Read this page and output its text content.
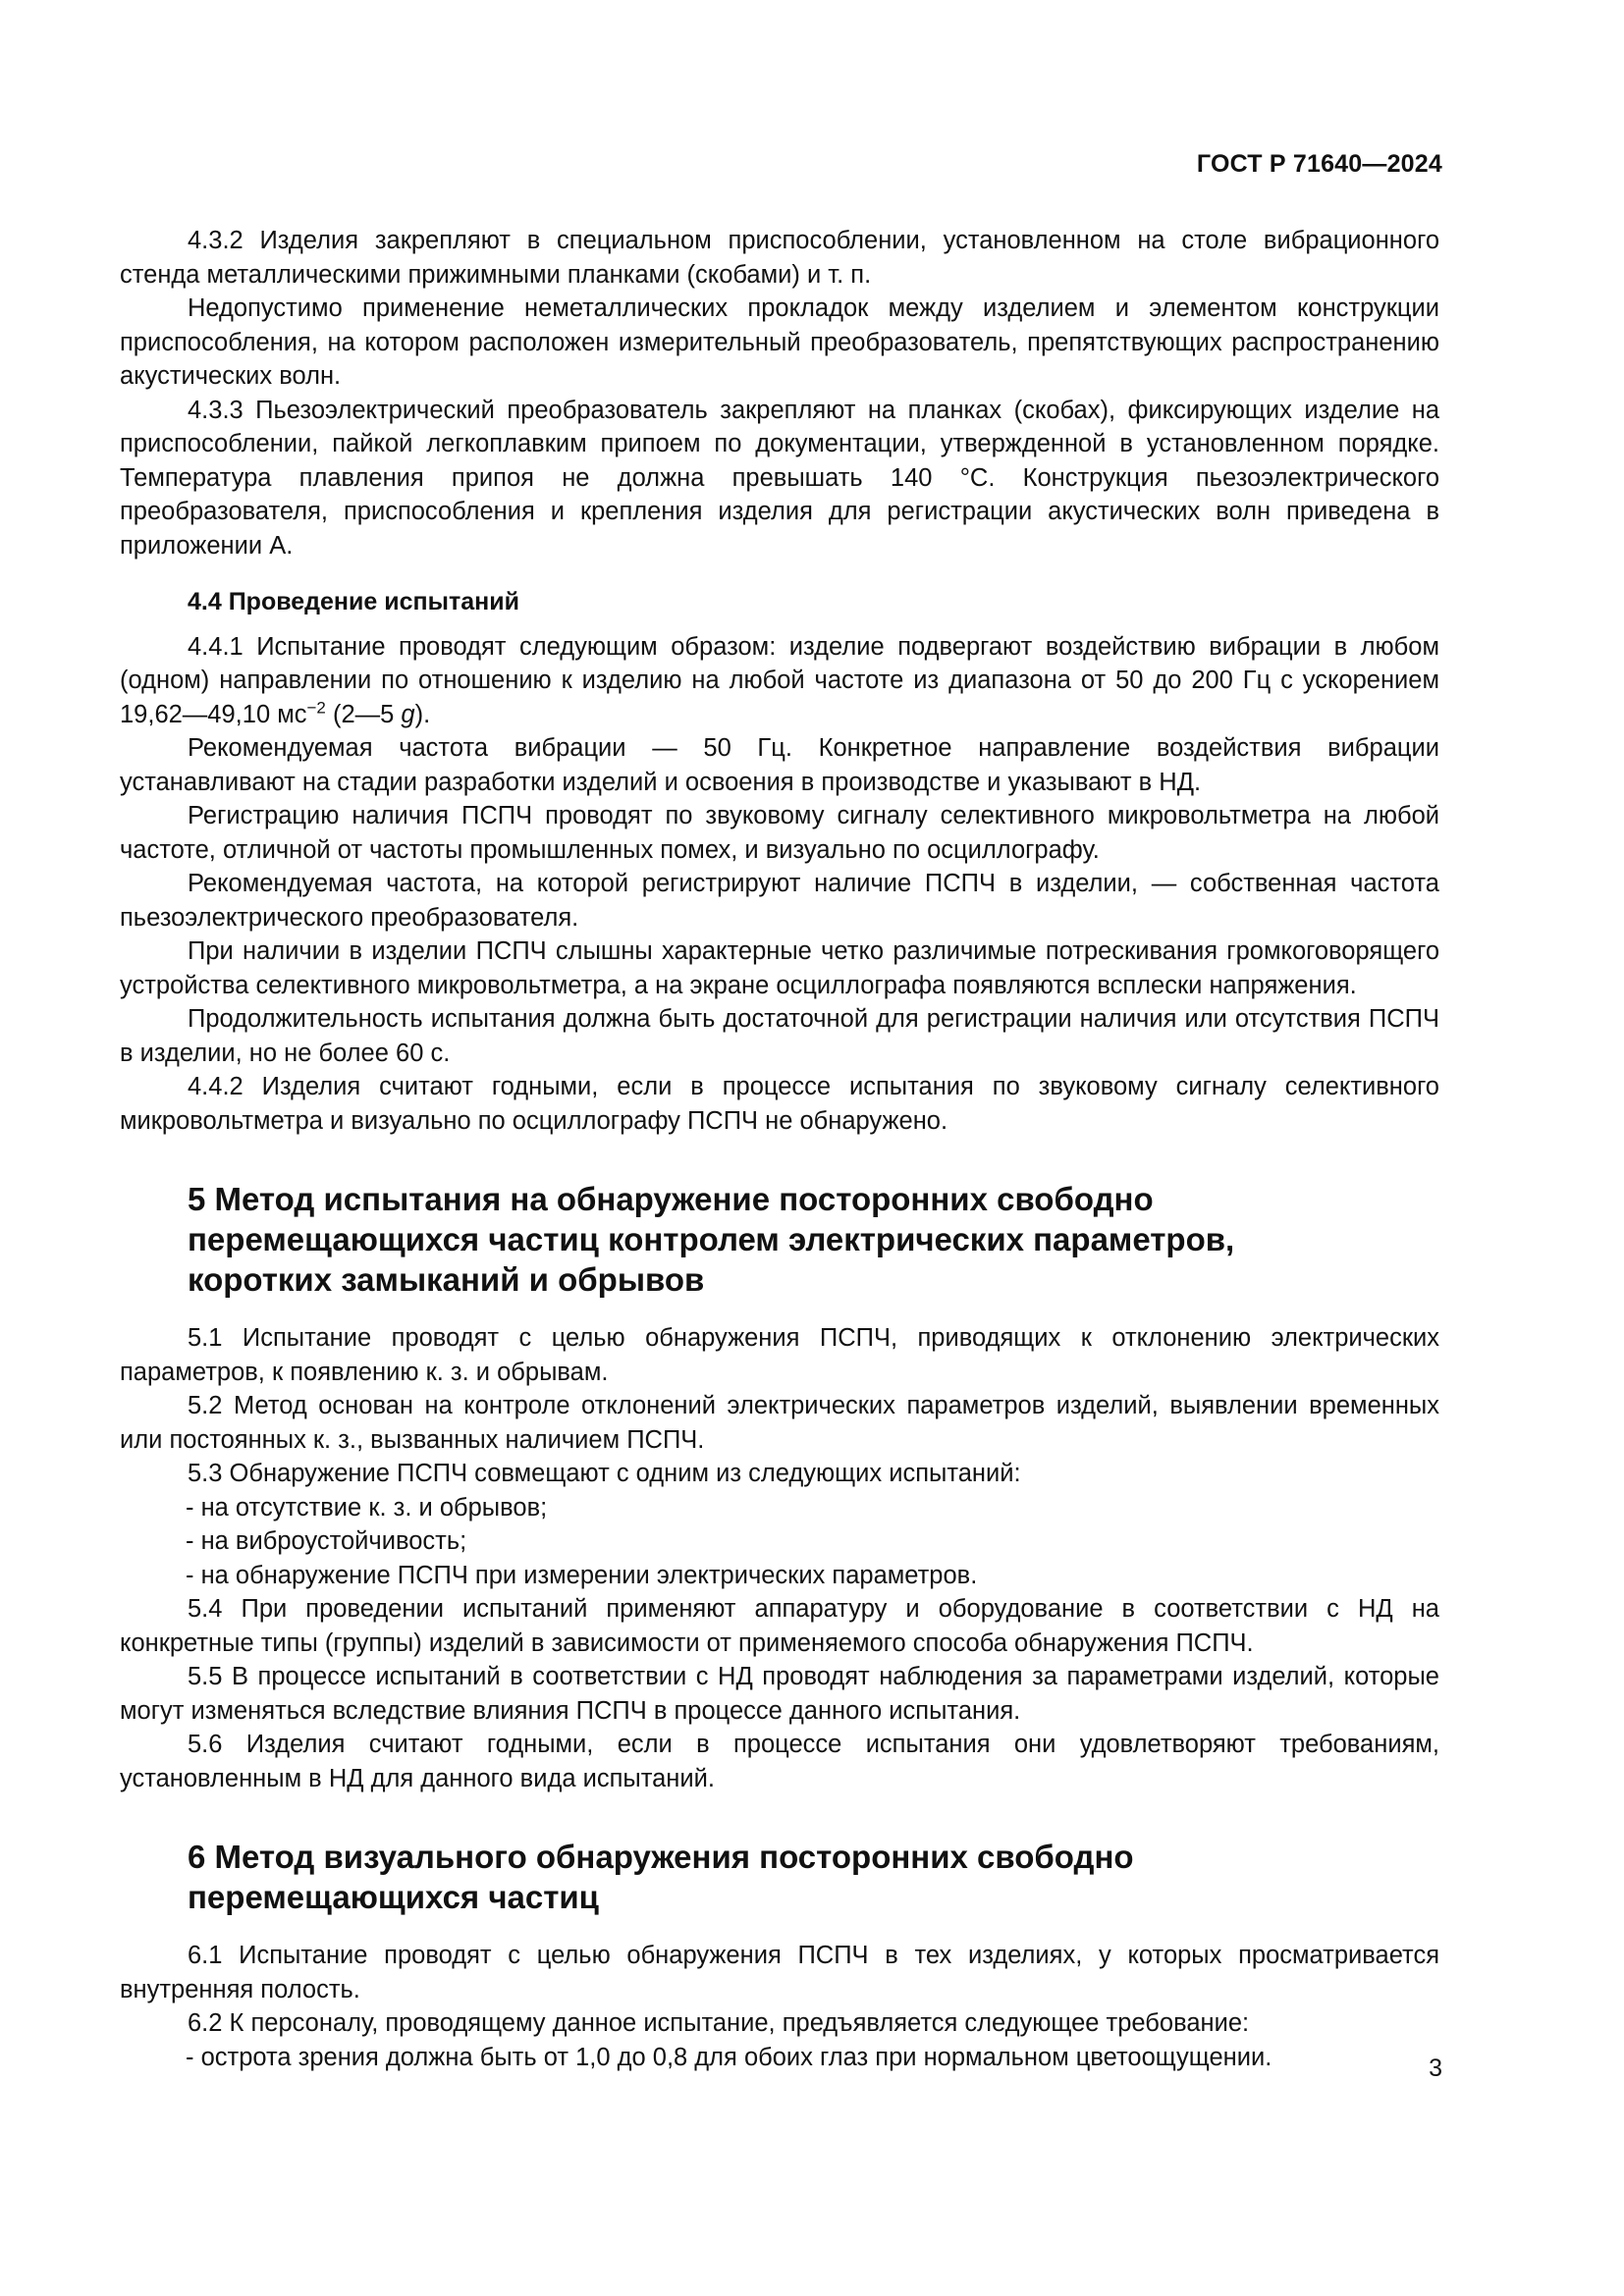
ГОСТ Р 71640—2024

4.3.2 Изделия закрепляют в специальном приспособлении, установленном на столе вибрационного стенда металлическими прижимными планками (скобами) и т. п.

Недопустимо применение неметаллических прокладок между изделием и элементом конструкции приспособления, на котором расположен измерительный преобразователь, препятствующих распространению акустических волн.

4.3.3 Пьезоэлектрический преобразователь закрепляют на планках (скобах), фиксирующих изделие на приспособлении, пайкой легкоплавким припоем по документации, утвержденной в установленном порядке. Температура плавления припоя не должна превышать 140 °С. Конструкция пьезоэлектрического преобразователя, приспособления и крепления изделия для регистрации акустических волн приведена в приложении А.

4.4 Проведение испытаний

4.4.1 Испытание проводят следующим образом: изделие подвергают воздействию вибрации в любом (одном) направлении по отношению к изделию на любой частоте из диапазона от 50 до 200 Гц с ускорением 19,62—49,10 $мс^{-2}$ (2—5 g).

Рекомендуемая частота вибрации — 50 Гц. Конкретное направление воздействия вибрации устанавливают на стадии разработки изделий и освоения в производстве и указывают в НД.

Регистрацию наличия ПСПЧ проводят по звуковому сигналу селективного микровольтметра на любой частоте, отличной от частоты промышленных помех, и визуально по осциллографу.

Рекомендуемая частота, на которой регистрируют наличие ПСПЧ в изделии, — собственная частота пьезоэлектрического преобразователя.

При наличии в изделии ПСПЧ слышны характерные четко различимые потрескивания громкоговорящего устройства селективного микровольтметра, а на экране осциллографа появляются всплески напряжения.

Продолжительность испытания должна быть достаточной для регистрации наличия или отсутствия ПСПЧ в изделии, но не более 60 с.

4.4.2 Изделия считают годными, если в процессе испытания по звуковому сигналу селективного микровольтметра и визуально по осциллографу ПСПЧ не обнаружено.

5 Метод испытания на обнаружение посторонних свободно
перемещающихся частиц контролем электрических параметров,
коротких замыканий и обрывов

5.1 Испытание проводят с целью обнаружения ПСПЧ, приводящих к отклонению электрических параметров, к появлению к. з. и обрывам.

5.2 Метод основан на контроле отклонений электрических параметров изделий, выявлении временных или постоянных к. з., вызванных наличием ПСПЧ.

5.3 Обнаружение ПСПЧ совмещают с одним из следующих испытаний:

- на отсутствие к. з. и обрывов;

- на виброустойчивость;

- на обнаружение ПСПЧ при измерении электрических параметров.

5.4 При проведении испытаний применяют аппаратуру и оборудование в соответствии с НД на конкретные типы (группы) изделий в зависимости от применяемого способа обнаружения ПСПЧ.

5.5 В процессе испытаний в соответствии с НД проводят наблюдения за параметрами изделий, которые могут изменяться вследствие влияния ПСПЧ в процессе данного испытания.

5.6 Изделия считают годными, если в процессе испытания они удовлетворяют требованиям, установленным в НД для данного вида испытаний.

6 Метод визуального обнаружения посторонних свободно
перемещающихся частиц

6.1 Испытание проводят с целью обнаружения ПСПЧ в тех изделиях, у которых просматривается внутренняя полость.

6.2 К персоналу, проводящему данное испытание, предъявляется следующее требование:

- острота зрения должна быть от 1,0 до 0,8 для обоих глаз при нормальном цветоощущении.	3
